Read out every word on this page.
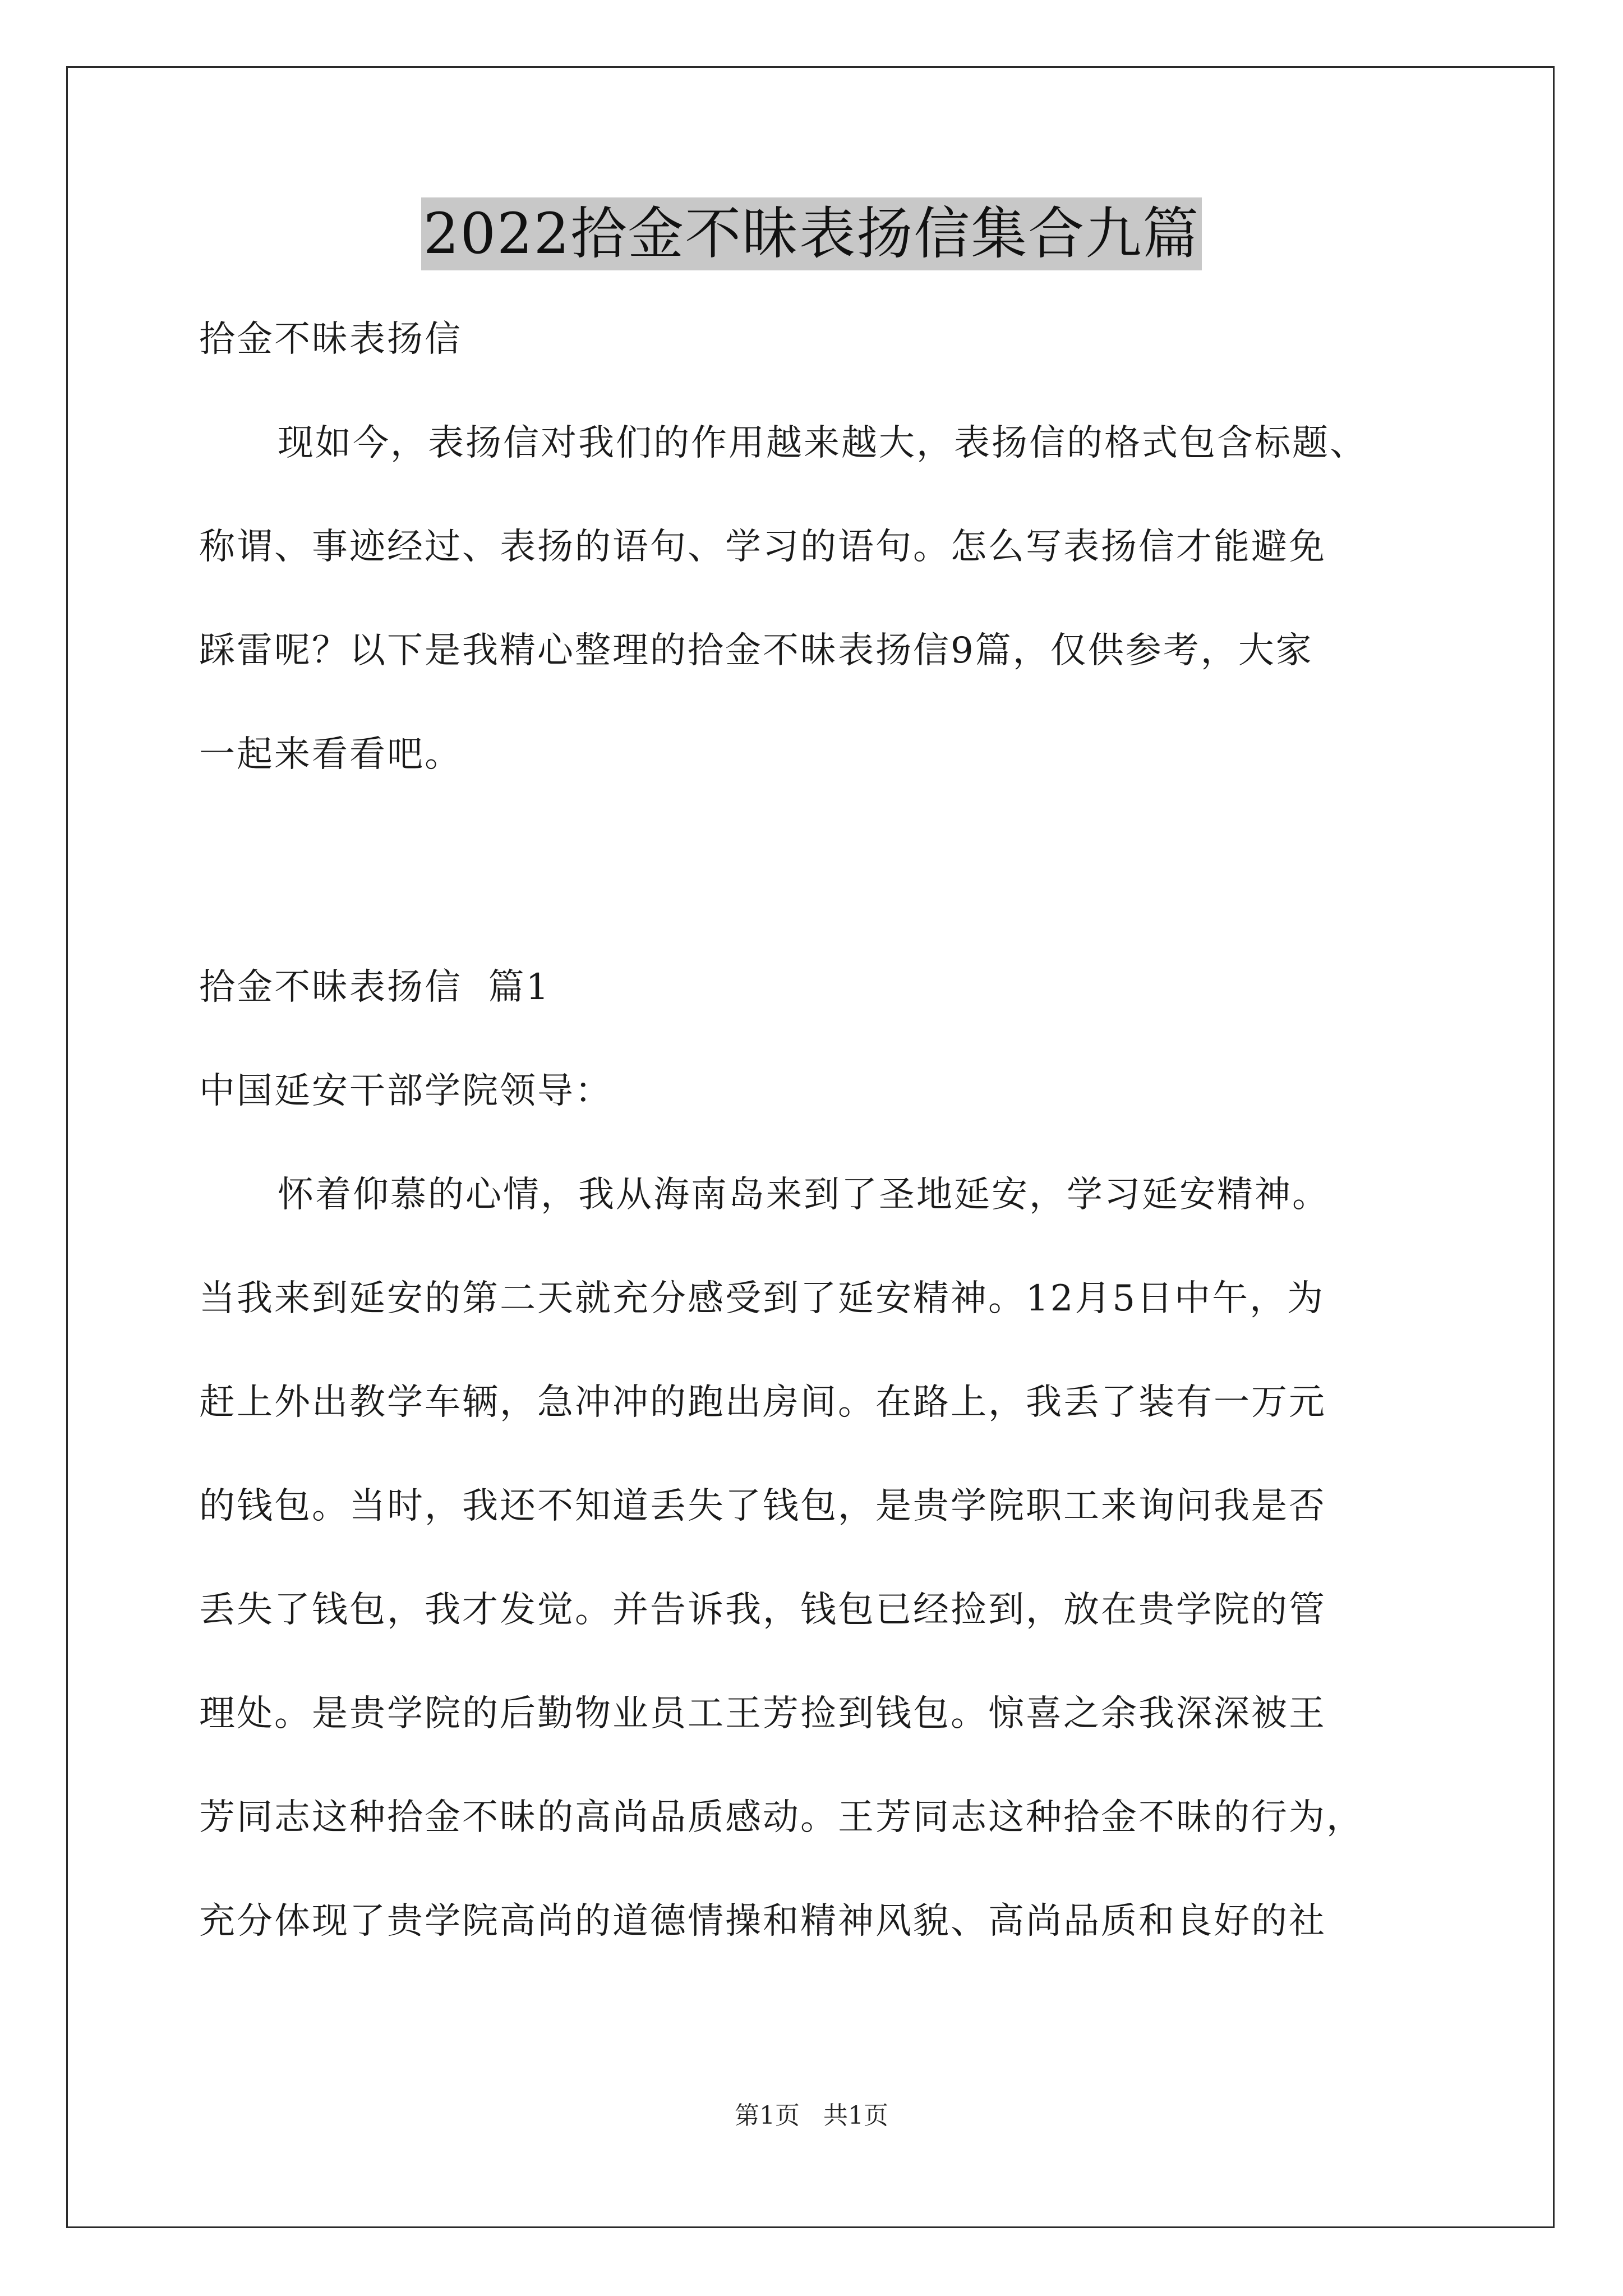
2022拾金不昧表扬信集合九篇
拾金不昧表扬信
现如今，表扬信对我们的作用越来越大，表扬信的格式包含标题、
称谓、事迹经过、表扬的语句、学习的语句。怎么写表扬信才能避免
踩雷呢？以下是我精心整理的拾金不昧表扬信9篇，仅供参考，大家
一起来看看吧。
拾金不昧表扬信  篇1
中国延安干部学院领导：
怀着仰慕的心情，我从海南岛来到了圣地延安，学习延安精神。
当我来到延安的第二天就充分感受到了延安精神。12月5日中午，为
赶上外出教学车辆，急冲冲的跑出房间。在路上，我丢了装有一万元
的钱包。当时，我还不知道丢失了钱包，是贵学院职工来询问我是否
丢失了钱包，我才发觉。并告诉我，钱包已经捡到，放在贵学院的管
理处。是贵学院的后勤物业员工王芳捡到钱包。惊喜之余我深深被王
芳同志这种拾金不昧的高尚品质感动。王芳同志这种拾金不昧的行为，
充分体现了贵学院高尚的道德情操和精神风貌、高尚品质和良好的社
第1页   共1页
